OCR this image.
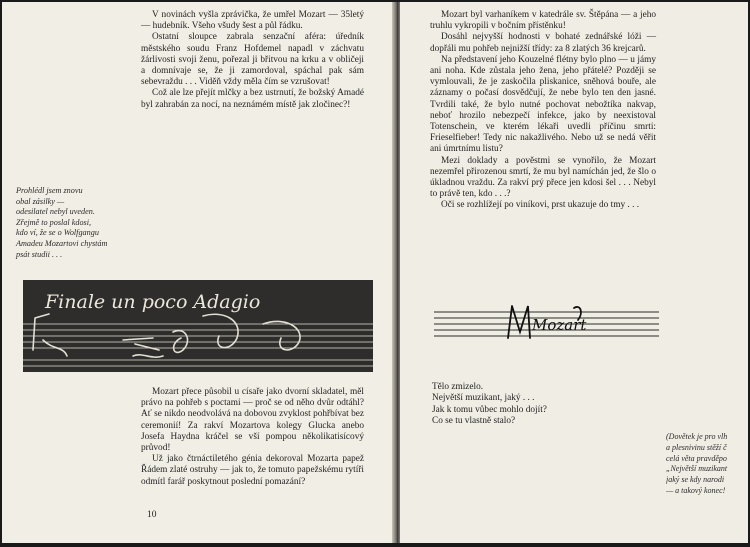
V novinách vyšla zprávička, že umřel Mozart — 35letý — hudebník. Všeho všudy šest a půl řádku.

Ostatní sloupce zabrala senzační aféra: úředník městského soudu Franz Hofdemel napadl v záchvatu žárlivosti svoji ženu, pořezal ji břitvou na krku a v obličeji a domnívaje se, že ji zamordoval, spáchal pak sám sebevraždu . . . Viděň vždy měla čím se vzrušovat!

Což ale lze přejít mlčky a bez ustrnutí, že božský Amadé byl zahrabán za nocí, na neznámém místě jak zločinec?!

Prohlédl jsem znovu
obal zásilky —
odesilatel nebyl uveden.
Zřejmě to poslal kdosi,
kdo ví, že se o Wolfgangu
Amadeu Mozartovi chystám
psát studii . . .
Finale un poco Adagio

Mozart přece působil u císaře jako dvorní skladatel, měl právo na pohřeb s poctami — proč se od něho dvůr odtáhl? Ať se nikdo neodvolává na dobovou zvyklost pohřbívat bez ceremonií! Za rakví Mozartova kolegy Glucka anebo Josefa Haydna kráčel se vší pompou několikatisícový průvod!

Už jako čtrnáctiletého génia dekoroval Mozarta papež Řádem zlaté ostruhy — jak to, že tomuto papežskému rytíři odmítl farář poskytnout poslední pomazání?

10

Mozart byl varhaníkem v katedrále sv. Štěpána — a jeho truhlu vykropili v bočním přístěnku!

Dosáhl nejvyšší hodnosti v bohaté zednářské lóži — dopřáli mu pohřeb nejnižší třídy: za 8 zlatých 36 krejcarů.

Na představení jeho Kouzelné flétny bylo plno — u jámy ani noha. Kde zůstala jeho žena, jeho přátelé? Později se vymlouvali, že je zaskočila pliskanice, sněhová bouře, ale záznamy o počasí dosvědčují, že nebe bylo ten den jasné. Tvrdili také, že bylo nutné pochovat nebožtíka nakvap, neboť hrozilo nebezpečí infekce, jako by neexistoval Totenschein, ve kterém lékaři uvedli příčinu smrti: Frieselfieber! Tedy nic nakažlivého. Nebo už se nedá věřit ani úmrtnímu listu?

Mezi doklady a pověstmi se vynořilo, že Mozart nezemřel přirozenou smrtí, že mu byl namíchán jed, že šlo o úkladnou vraždu. Za rakví prý přece jen kdosi šel . . . Nebyl to právě ten, kdo . . .?

Oči se rozhlížejí po viníkovi, prst ukazuje do tmy . . .

Mozart
Tělo zmizelo.
Největší muzikant, jaký . . .
Jak k tomu vůbec mohlo dojít?
Co se tu vlastně stalo?
(Dovětek je pro vlh
a plesnivinu stěží č
celá věta pravděpo
„Největší muzikant
jaký se kdy narodi
— a takový konec!
